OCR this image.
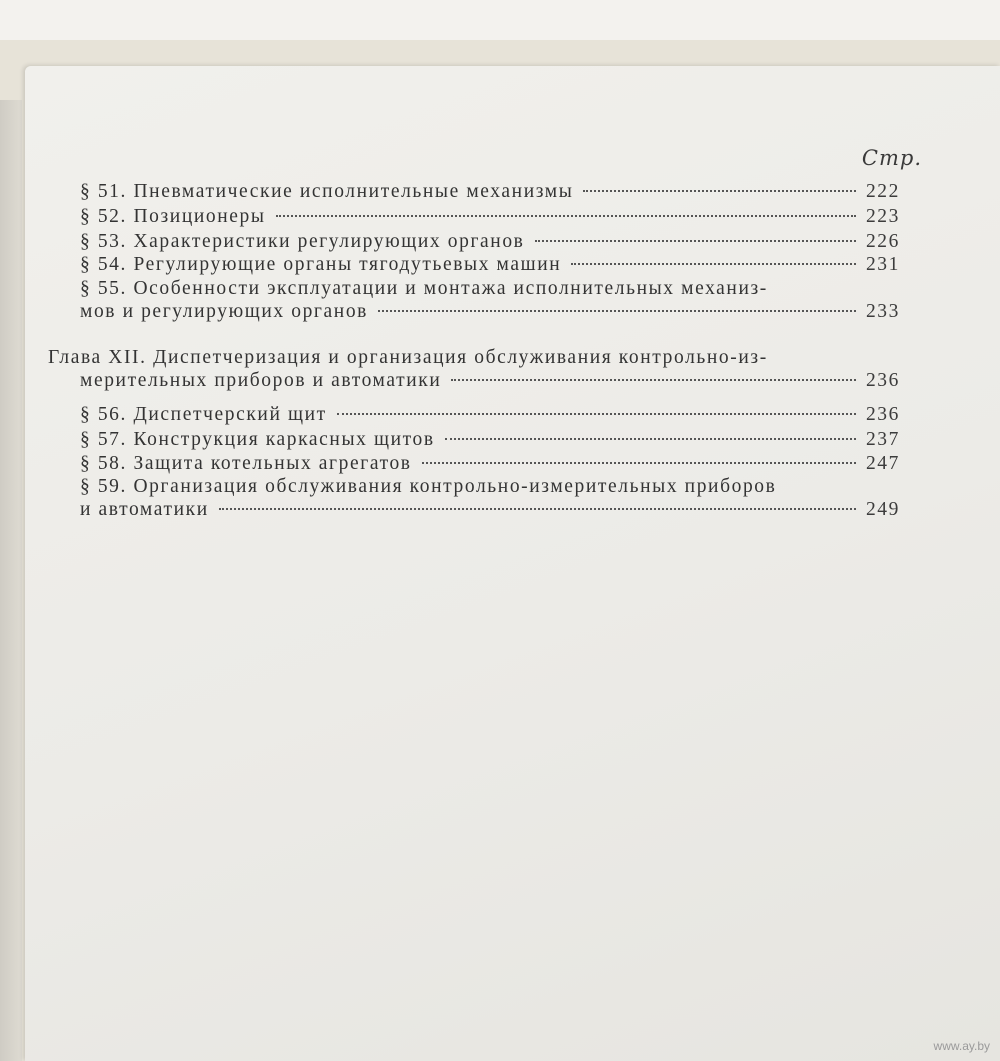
Стр.
§ 51. Пневматические исполнительные механизмы	222
§ 52. Позиционеры	223
§ 53. Характеристики регулирующих органов	226
§ 54. Регулирующие органы тягодутьевых машин	231
§ 55. Особенности эксплуатации и монтажа исполнительных механиз-
мов и регулирующих органов	233
Глава XII. Диспетчеризация и организация обслуживания контрольно-из-
мерительных приборов и автоматики	236
§ 56. Диспетчерский щит	236
§ 57. Конструкция каркасных щитов	237
§ 58. Защита котельных агрегатов	247
§ 59. Организация обслуживания контрольно-измерительных приборов
и автоматики	249
www.ay.by
